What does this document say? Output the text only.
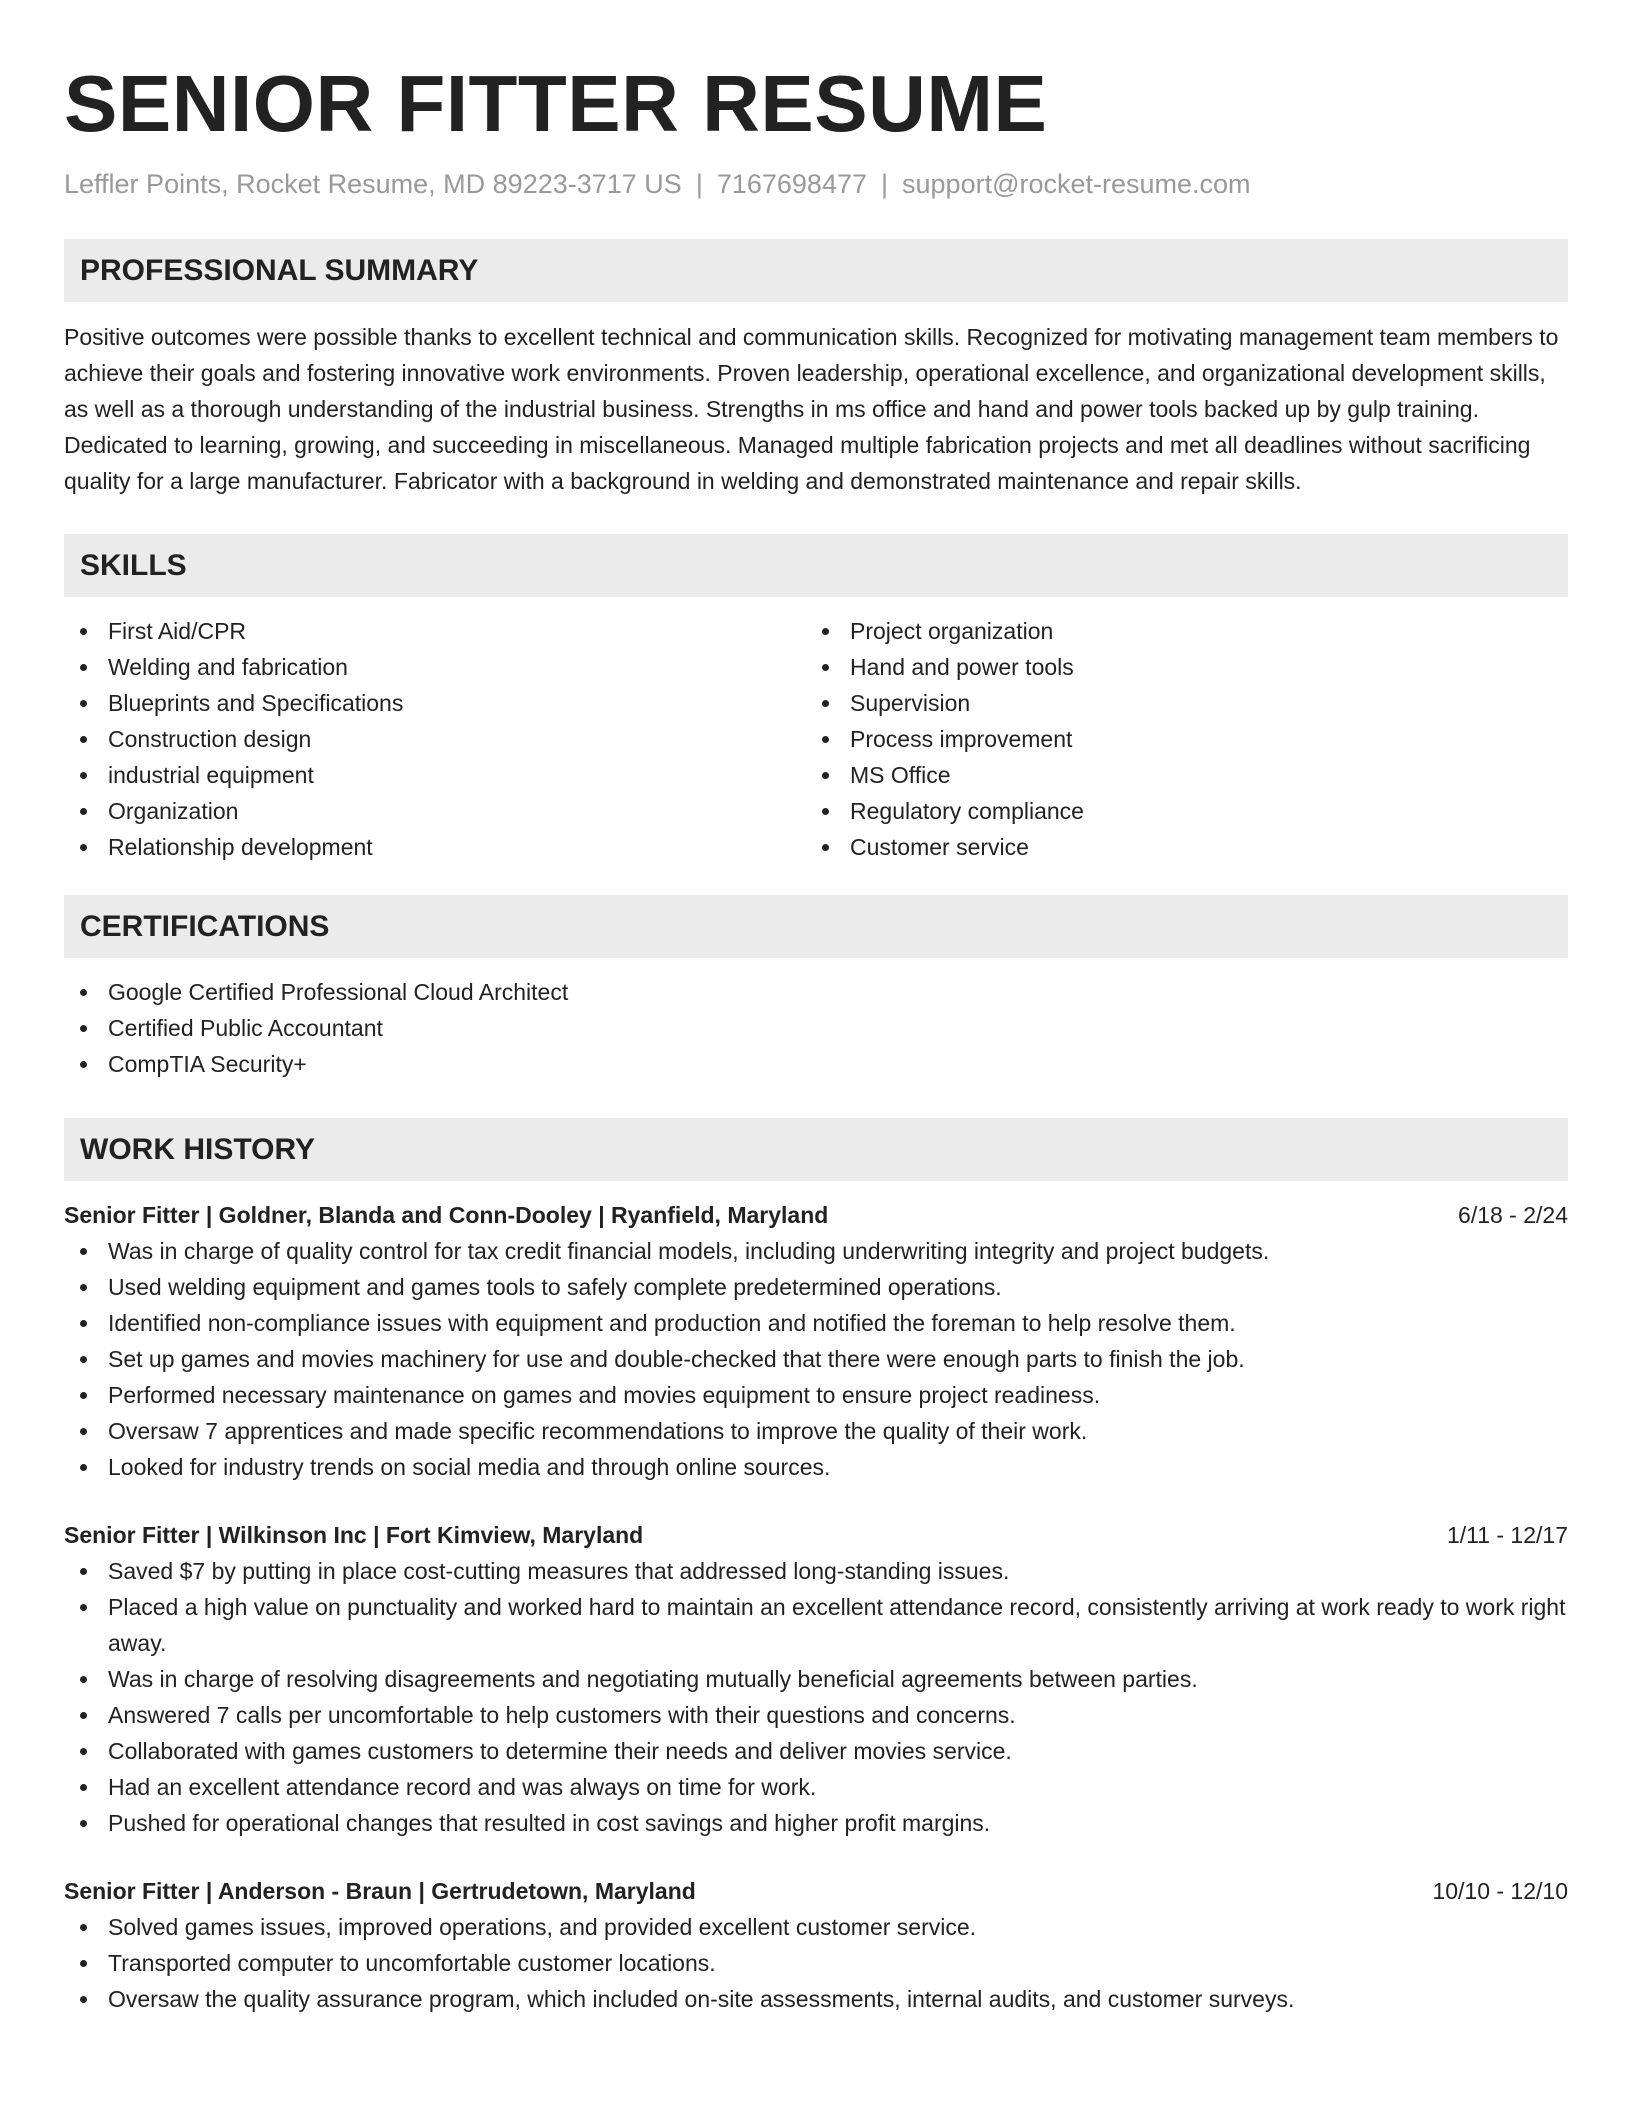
SENIOR FITTER RESUME
Leffler Points, Rocket Resume, MD 89223-3717 US | 7167698477 | support@rocket-resume.com
PROFESSIONAL SUMMARY
Positive outcomes were possible thanks to excellent technical and communication skills. Recognized for motivating management team members to achieve their goals and fostering innovative work environments. Proven leadership, operational excellence, and organizational development skills, as well as a thorough understanding of the industrial business. Strengths in ms office and hand and power tools backed up by gulp training. Dedicated to learning, growing, and succeeding in miscellaneous. Managed multiple fabrication projects and met all deadlines without sacrificing quality for a large manufacturer. Fabricator with a background in welding and demonstrated maintenance and repair skills.
SKILLS
First Aid/CPR
Welding and fabrication
Blueprints and Specifications
Construction design
industrial equipment
Organization
Relationship development
Project organization
Hand and power tools
Supervision
Process improvement
MS Office
Regulatory compliance
Customer service
CERTIFICATIONS
Google Certified Professional Cloud Architect
Certified Public Accountant
CompTIA Security+
WORK HISTORY
Senior Fitter | Goldner, Blanda and Conn-Dooley | Ryanfield, Maryland	6/18 - 2/24
Was in charge of quality control for tax credit financial models, including underwriting integrity and project budgets.
Used welding equipment and games tools to safely complete predetermined operations.
Identified non-compliance issues with equipment and production and notified the foreman to help resolve them.
Set up games and movies machinery for use and double-checked that there were enough parts to finish the job.
Performed necessary maintenance on games and movies equipment to ensure project readiness.
Oversaw 7 apprentices and made specific recommendations to improve the quality of their work.
Looked for industry trends on social media and through online sources.
Senior Fitter | Wilkinson Inc | Fort Kimview, Maryland	1/11 - 12/17
Saved $7 by putting in place cost-cutting measures that addressed long-standing issues.
Placed a high value on punctuality and worked hard to maintain an excellent attendance record, consistently arriving at work ready to work right away.
Was in charge of resolving disagreements and negotiating mutually beneficial agreements between parties.
Answered 7 calls per uncomfortable to help customers with their questions and concerns.
Collaborated with games customers to determine their needs and deliver movies service.
Had an excellent attendance record and was always on time for work.
Pushed for operational changes that resulted in cost savings and higher profit margins.
Senior Fitter | Anderson - Braun | Gertrudetown, Maryland	10/10 - 12/10
Solved games issues, improved operations, and provided excellent customer service.
Transported computer to uncomfortable customer locations.
Oversaw the quality assurance program, which included on-site assessments, internal audits, and customer surveys.
